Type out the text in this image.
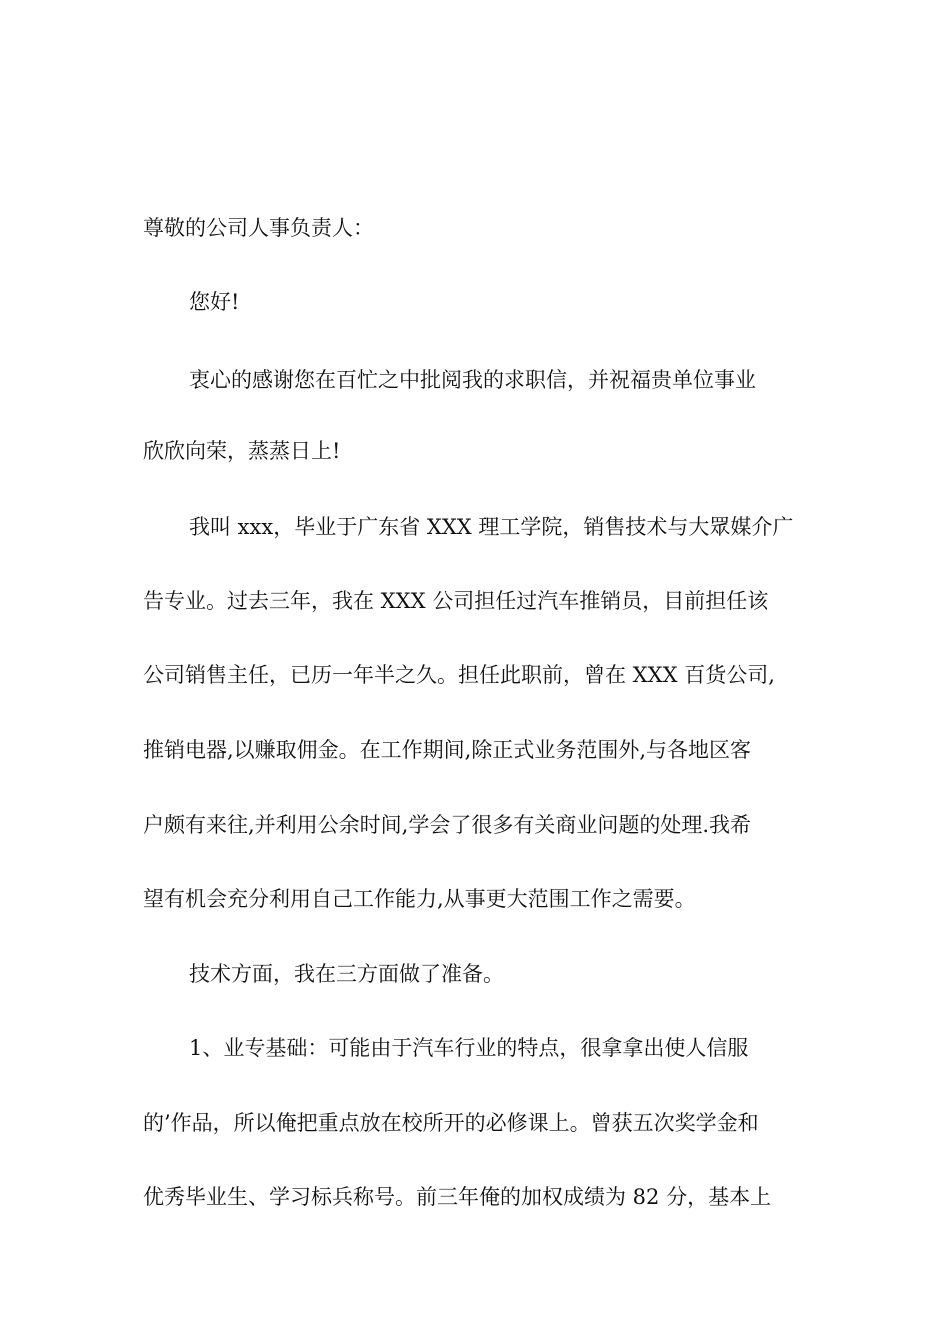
尊敬的公司人事负责人：
您好!
衷心的感谢您在百忙之中批阅我的求职信，并祝福贵单位事业
欣欣向荣，蒸蒸日上!
我叫 xxx，毕业于广东省 XXX 理工学院，销售技术与大眾媒介广
告专业。过去三年，我在 XXX 公司担任过汽车推销员，目前担任该
公司销售主任，已历一年半之久。担任此职前，曾在 XXX 百货公司,
推销电器,以赚取佣金。在工作期间,除正式业务范围外,与各地区客
户颇有来往,并利用公余时间,学会了很多有关商业问题的处理.我希
望有机会充分利用自己工作能力,从事更大范围工作之需要。
技术方面，我在三方面做了准备。
1、业专基础：可能由于汽车行业的特点，很拿拿出使人信服
的’作品，所以俺把重点放在校所开的必修课上。曾获五次奖学金和
优秀毕业生、学习标兵称号。前三年俺的加权成绩为 82 分，基本上
